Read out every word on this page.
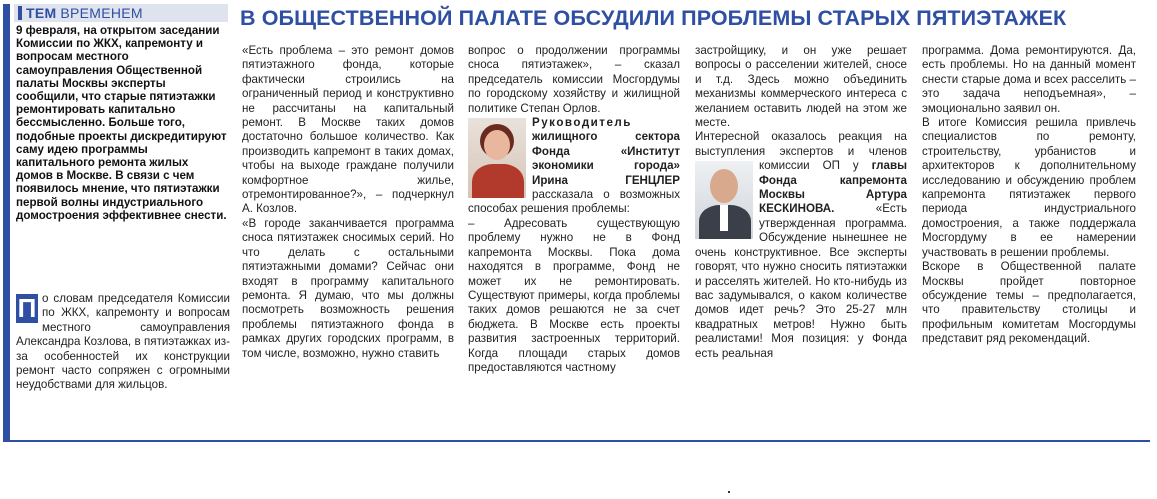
ТЕМ ВРЕМЕНЕМ	В ОБЩЕСТВЕННОЙ ПАЛАТЕ ОБСУДИЛИ ПРОБЛЕМЫ СТАРЫХ ПЯТИЭТАЖЕК

9 февраля, на открытом заседании Комиссии по ЖКХ, капремонту и вопросам местного самоуправления Общественной палаты Москвы эксперты сообщили, что старые пятиэтажки ремонтировать капитально бессмысленно. Больше того, подобные проекты дискредитируют саму идею программы капитального ремонта жилых домов в Москве. В связи с чем появилось мнение, что пятиэтажки первой волны индустриального домостроения эффективнее снести.

П о словам председателя Комиссии по ЖКХ, капремонту и вопросам местного самоуправления Александра Козлова, в пятиэтажках из-за особенностей их конструкции ремонт часто сопряжен с огромными неудобствами для жильцов.

«Есть проблема – это ремонт домов пятиэтажного фонда, которые фактически строились на ограниченный период и конструктивно не рассчитаны на капитальный ремонт. В Москве таких домов достаточно большое количество. Как производить капремонт в таких домах, чтобы на выходе граждане получили комфортное жилье, отремонтированное?», – подчеркнул А. Козлов.

«В городе заканчивается программа сноса пятиэтажек сносимых серий. Но что делать с остальными пятиэтажными домами? Сейчас они входят в программу капитального ремонта. Я думаю, что мы должны посмотреть возможность решения проблемы пятиэтажного фонда в рамках других городских программ, в том числе, возможно, нужно ставить

вопрос о продолжении программы сноса пятиэтажек», – сказал председатель комиссии Мосгордумы по городскому хозяйству и жилищной политике Степан Орлов.

Руководитель жилищного сектора Фонда «Институт экономики города» Ирина ГЕНЦЛЕР рассказала о возможных способах решения проблемы:

– Адресовать существующую проблему нужно не в Фонд капремонта Москвы. Пока дома находятся в программе, Фонд не может их не ремонтировать. Существуют примеры, когда проблемы таких домов решаются не за счет бюджета. В Москве есть проекты развития застроенных территорий. Когда площади старых домов предоставляются частному

застройщику, и он уже решает вопросы о расселении жителей, сносе и т.д. Здесь можно объединить механизмы коммерческого интереса с желанием оставить людей на этом же месте.

Интересной оказалось реакция на выступления экспертов и членов комиссии ОП у главы Фонда капремонта Москвы Артура КЕСКИНОВА.	«Есть утвержденная программа. Обсуждение нынешнее не очень конструктивное. Все эксперты говорят, что нужно сносить пятиэтажки и расселять жителей. Но кто-нибудь из вас задумывался, о каком количестве домов идет речь? Это 25-27 млн квадратных метров! Нужно быть реалистами! Моя позиция: у Фонда есть реальная

программа. Дома ремонтируются. Да, есть проблемы. Но на данный момент снести старые дома и всех расселить – это задача неподъемная», – эмоционально заявил он.

В итоге Комиссия решила привлечь специалистов по ремонту, строительству, урбанистов и архитекторов к дополнительному исследованию и обсуждению проблем капремонта пятиэтажек первого периода индустриального домостроения, а также поддержала Мосгордуму в ее намерении участвовать в решении проблемы.

Вскоре в Общественной палате Москвы пройдет повторное обсуждение темы – предполагается, что правительству столицы и профильным комитетам Мосгордумы представит ряд рекомендаций.
